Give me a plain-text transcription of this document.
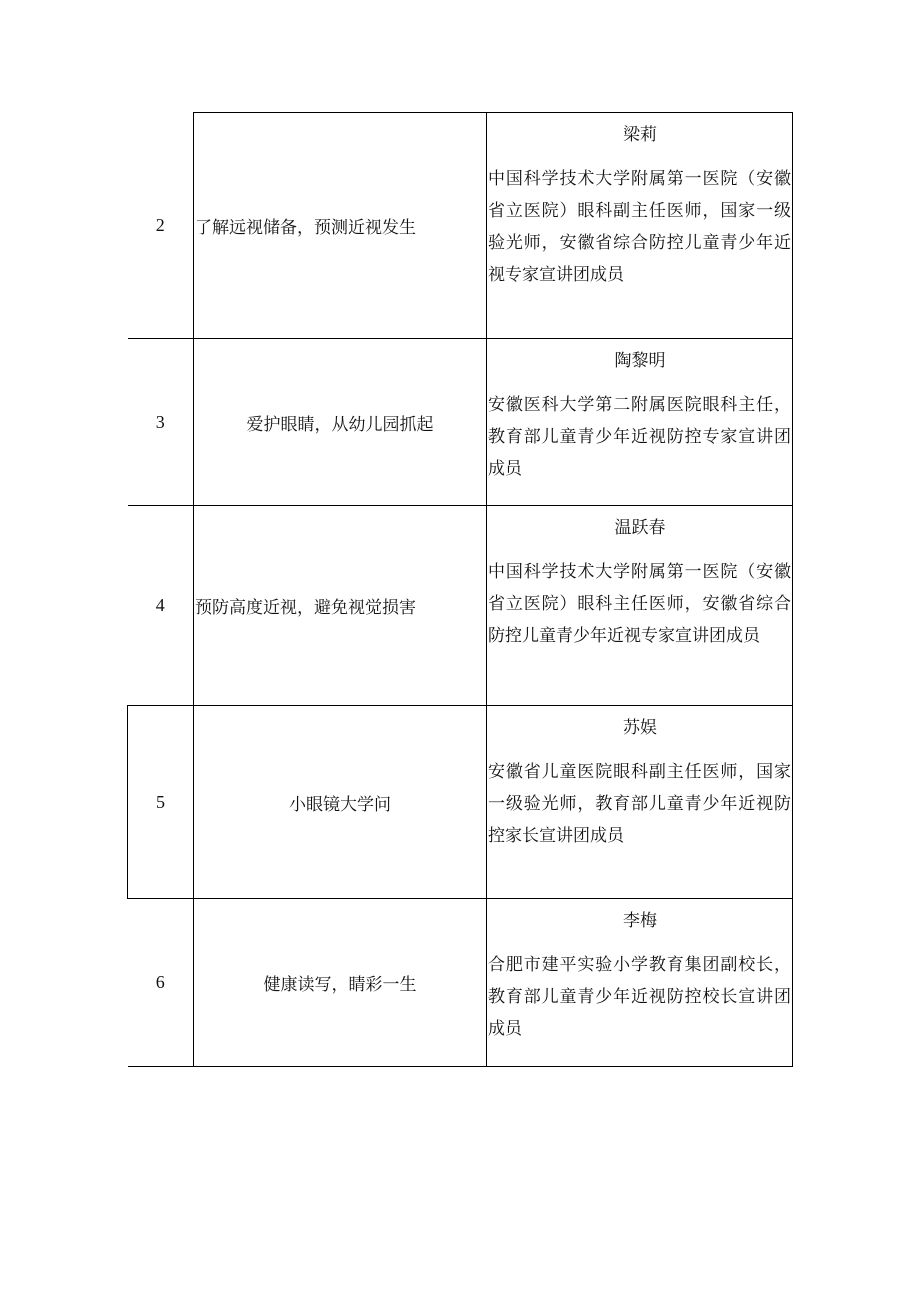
2	了解远视储备，预测近视发生	梁莉
中国科学技术大学附属第一医院（安徽省立医院）眼科副主任医师，国家一级验光师，安徽省综合防控儿童青少年近视专家宣讲团成员

3	爱护眼睛，从幼儿园抓起	陶黎明
安徽医科大学第二附属医院眼科主任，教育部儿童青少年近视防控专家宣讲团成员

4	预防高度近视，避免视觉损害	温跃春
中国科学技术大学附属第一医院（安徽省立医院）眼科主任医师，安徽省综合防控儿童青少年近视专家宣讲团成员

5	小眼镜大学问	苏娱
安徽省儿童医院眼科副主任医师，国家一级验光师，教育部儿童青少年近视防控家长宣讲团成员

6	健康读写，睛彩一生	李梅
合肥市建平实验小学教育集团副校长，教育部儿童青少年近视防控校长宣讲团成员
